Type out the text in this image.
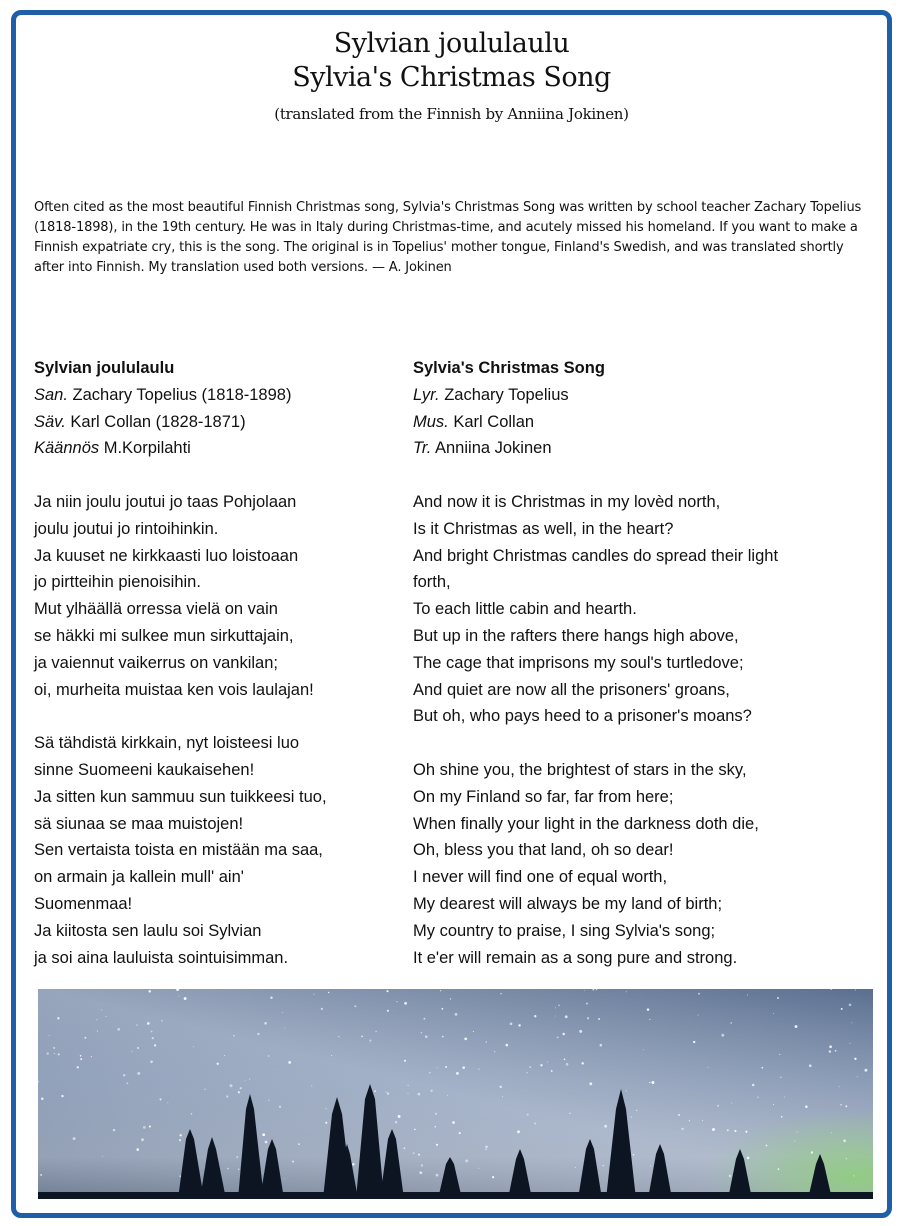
Sylvian joululaulu
Sylvia's Christmas Song
(translated from the Finnish by Anniina Jokinen)
Often cited as the most beautiful Finnish Christmas song, Sylvia's Christmas Song was written by school teacher Zachary Topelius (1818-1898), in the 19th century. He was in Italy during Christmas-time, and acutely missed his homeland. If you want to make a Finnish expatriate cry, this is the song. The original is in Topelius' mother tongue, Finland's Swedish, and was translated shortly after into Finnish. My translation used both versions. — A. Jokinen
Sylvian joululaulu
San. Zachary Topelius (1818-1898)
Säv. Karl Collan (1828-1871)
Käännös M.Korpilahti
Ja niin joulu joutui jo taas Pohjolaan
joulu joutui jo rintoihinkin.
Ja kuuset ne kirkkaasti luo loistoaan
jo pirtteihin pienoisihin.
Mut ylhäällä orressa vielä on vain
se häkki mi sulkee mun sirkuttajain,
ja vaiennut vaikerrus on vankilan;
oi, murheita muistaa ken vois laulajan!
Sä tähdistä kirkkain, nyt loisteesi luo
sinne Suomeeni kaukaisehen!
Ja sitten kun sammuu sun tuikkeesi tuo,
sä siunaa se maa muistojen!
Sen vertaista toista en mistään ma saa,
on armain ja kallein mull' ain'
Suomenmaa!
Ja kiitosta sen laulu soi Sylvian
ja soi aina lauluista sointuisimman.
Sylvia's Christmas Song
Lyr. Zachary Topelius
Mus. Karl Collan
Tr. Anniina Jokinen
And now it is Christmas in my lovèd north,
Is it Christmas as well, in the heart?
And bright Christmas candles do spread their light
forth,
To each little cabin and hearth.
But up in the rafters there hangs high above,
The cage that imprisons my soul's turtledove;
And quiet are now all the prisoners' groans,
But oh, who pays heed to a prisoner's moans?
Oh shine you, the brightest of stars in the sky,
On my Finland so far, far from here;
When finally your light in the darkness doth die,
Oh, bless you that land, oh so dear!
I never will find one of equal worth,
My dearest will always be my land of birth;
My country to praise, I sing Sylvia's song;
It e'er will remain as a song pure and strong.
